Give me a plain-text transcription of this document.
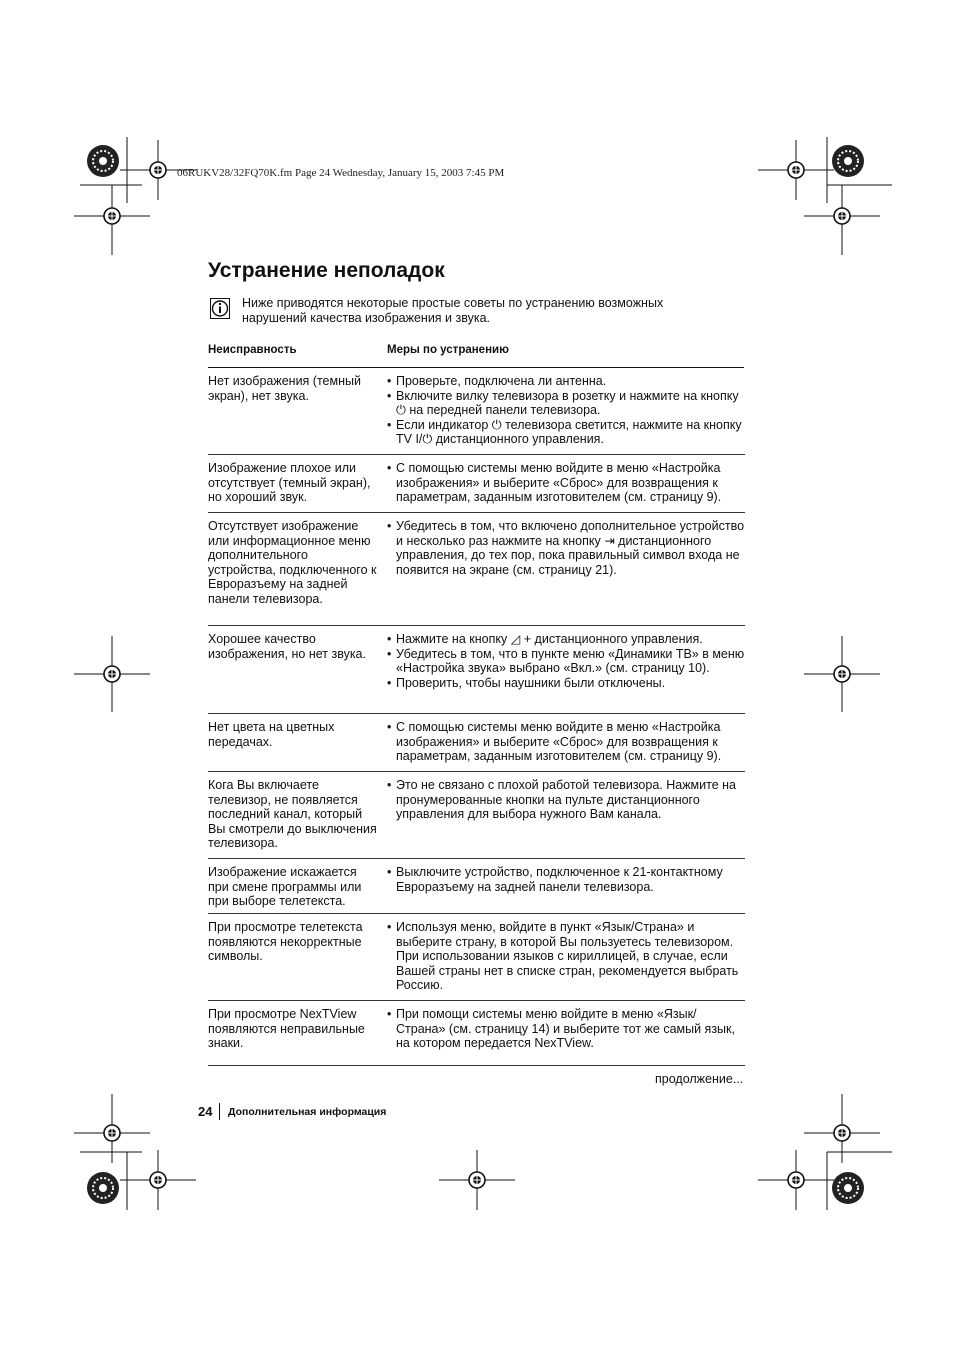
06RUKV28/32FQ70K.fm Page 24 Wednesday, January 15, 2003 7:45 PM
Устранение неполадок
Ниже приводятся некоторые простые советы по устранению возможных нарушений качества изображения и звука.
Неисправность	Меры по устранению
Нет изображения (темный экран), нет звука.
• Проверьте, подключена ли антенна.
• Включите вилку телевизора в розетку и нажмите на кнопку ⏻ на передней панели телевизора.
• Если индикатор ⏻ телевизора светится, нажмите на кнопку TV I/⏻ дистанционного управления.
Изображение плохое или отсутствует (темный экран), но хороший звук.
• С помощью системы меню войдите в меню «Настройка изображения» и выберите «Сброс» для возвращения к параметрам, заданным изготовителем (см. страницу 9).
Отсутствует изображение или информационное меню дополнительного устройства, подключенного к Евроразъему на задней панели телевизора.
• Убедитесь в том, что включено дополнительное устройство и несколько раз нажмите на кнопку ⇥ дистанционного управления, до тех пор, пока правильный символ входа не появится на экране (см. страницу 21).
Хорошее качество изображения, но нет звука.
• Нажмите на кнопку ◿ + дистанционного управления.
• Убедитесь в том, что в пункте меню «Динамики ТВ» в меню «Настройка звука» выбрано «Вкл.» (см. страницу 10).
• Проверить, чтобы наушники были отключены.
Нет цвета на цветных передачах.
• С помощью системы меню войдите в меню «Настройка изображения» и выберите «Сброс» для возвращения к параметрам, заданным изготовителем (см. страницу 9).
Кога Вы включаете телевизор, не появляется последний канал, который Вы смотрели до выключения телевизора.
• Это не связано с плохой работой телевизора. Нажмите на пронумерованные кнопки на пульте дистанционного управления для выбора нужного Вам канала.
Изображение искажается при смене программы или при выборе телетекста.
• Выключите устройство, подключенное к 21-контактному Евроразъему на задней панели телевизора.
При просмотре телетекста появляются некорректные символы.
• Используя меню, войдите в пункт «Язык/Страна» и выберите страну, в которой Вы пользуетесь телевизором. При использовании языков с кириллицей, в случае, если Вашей страны нет в списке стран, рекомендуется выбрать Россию.
При просмотре NexTView появляются неправильные знаки.
• При помощи системы меню войдите в меню «Язык/ Страна» (см. страницу 14) и выберите тот же самый язык, на котором передается NexTView.
продолжение...
24 Дополнительная информация
